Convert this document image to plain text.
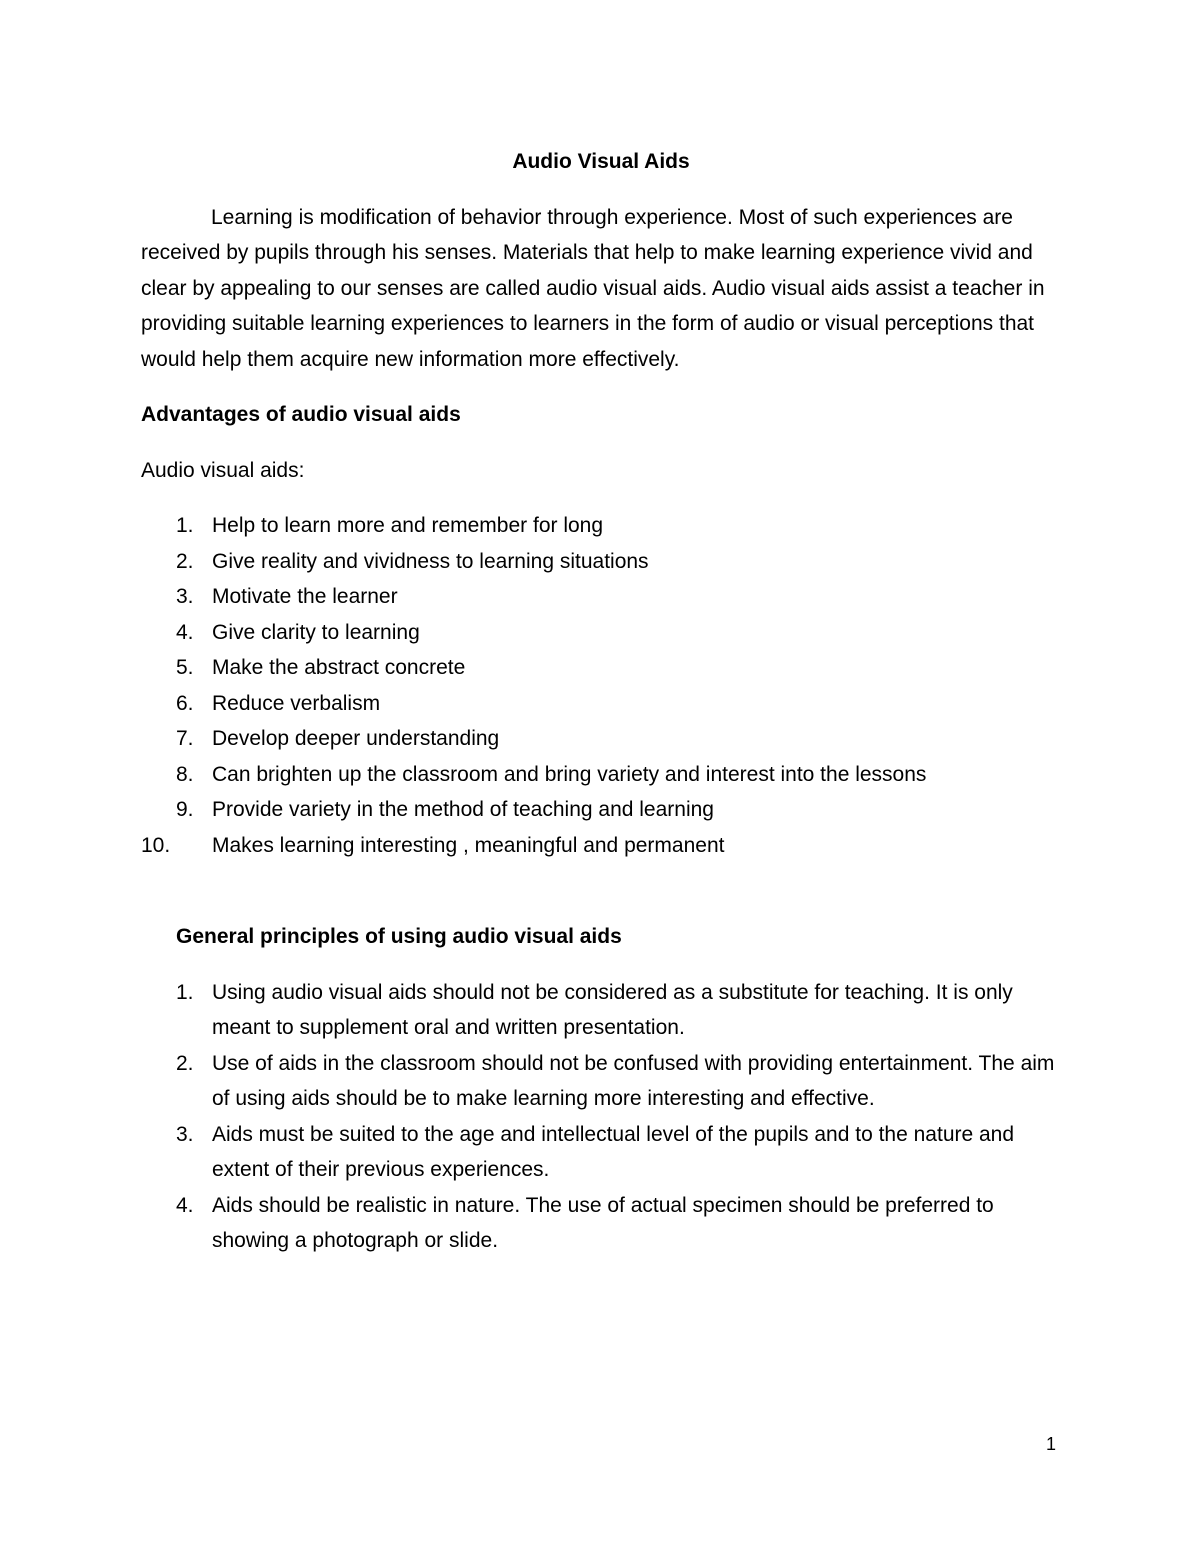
Audio Visual Aids

Learning is modification of behavior through experience. Most of such experiences are received by pupils through his senses. Materials that help to make learning experience vivid and clear by appealing to our senses are called audio visual aids. Audio visual aids assist a teacher in providing suitable learning experiences to learners in the form of audio or visual perceptions that would help them acquire new information more effectively.

Advantages of audio visual aids

Audio visual aids:

1. Help to learn more and remember for long
2. Give reality and vividness to learning situations
3. Motivate the learner
4. Give clarity to learning
5. Make the abstract concrete
6. Reduce verbalism
7. Develop deeper understanding
8. Can brighten up the classroom and bring variety and interest into the lessons
9. Provide variety in the method of teaching and learning
10. Makes learning interesting , meaningful and permanent

General principles of using audio visual aids

1. Using audio visual aids should not be considered as a substitute for teaching. It is only meant to supplement oral and written presentation.
2. Use of aids in the classroom should not be confused with providing entertainment. The aim of using aids should be to make learning more interesting and effective.
3. Aids must be suited to the age and intellectual level of the pupils and to the nature and extent of their previous experiences.
4. Aids should be realistic in nature. The use of actual specimen should be preferred to showing a photograph or slide.
1
